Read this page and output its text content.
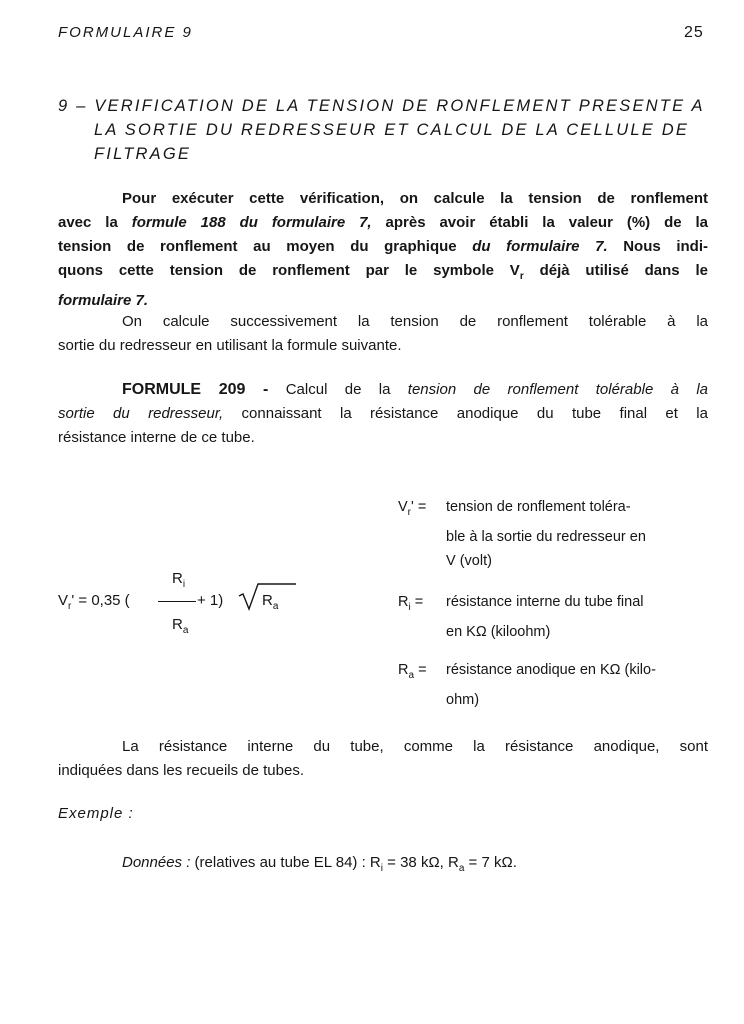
FORMULAIRE 9	25
9 – VERIFICATION DE LA TENSION DE RONFLEMENT PRESENTE A
LA SORTIE DU REDRESSEUR ET CALCUL DE LA CELLULE DE
FILTRAGE
Pour exécuter cette vérification, on calcule la tension de ronflement
avec la formule 188 du formulaire 7, après avoir établi la valeur (%) de la
tension de ronflement au moyen du graphique du formulaire 7. Nous indi-
quons cette tension de ronflement par le symbole $V_r$ déjà utilisé dans le
formulaire 7.
On calcule successivement la tension de ronflement tolérable à la
sortie du redresseur en utilisant la formule suivante.
FORMULE 209 - Calcul de la tension de ronflement tolérable à la
sortie du redresseur, connaissant la résistance anodique du tube final et la
résistance interne de ce tube.
$V_r' = 0,35$ (
$R_i$
+ 1)	$R_a$
$R_a$
$V_r'$ =	tension de ronflement toléra-
ble à la sortie du redresseur en
V (volt)
$R_i$ =	résistance interne du tube final
en KΩ (kiloohm)
$R_a$ =	résistance anodique en KΩ (kilo-
ohm)
La résistance interne du tube, comme la résistance anodique, sont
indiquées dans les recueils de tubes.
Exemple :
Données : (relatives au tube EL 84) : $R_i = 38$ kΩ, $R_a = 7$ kΩ.
